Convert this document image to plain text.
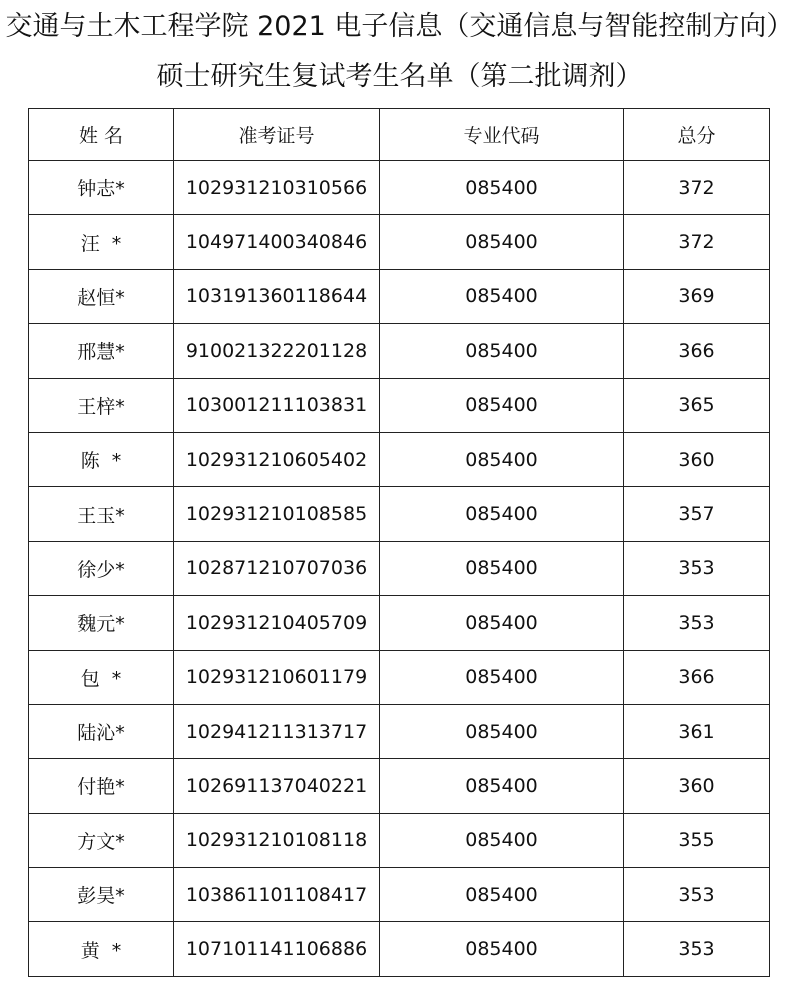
交通与土木工程学院 2021 电子信息（交通信息与智能控制方向）
硕士研究生复试考生名单（第二批调剂）
姓 名	准考证号	专业代码	总分
钟志*	102931210310566	085400	372
汪  *	104971400340846	085400	372
赵恒*	103191360118644	085400	369
邢慧*	910021322201128	085400	366
王梓*	103001211103831	085400	365
陈  *	102931210605402	085400	360
王玉*	102931210108585	085400	357
徐少*	102871210707036	085400	353
魏元*	102931210405709	085400	353
包  *	102931210601179	085400	366
陆沁*	102941211313717	085400	361
付艳*	102691137040221	085400	360
方文*	102931210108118	085400	355
彭昊*	103861101108417	085400	353
黄  *	107101141106886	085400	353
